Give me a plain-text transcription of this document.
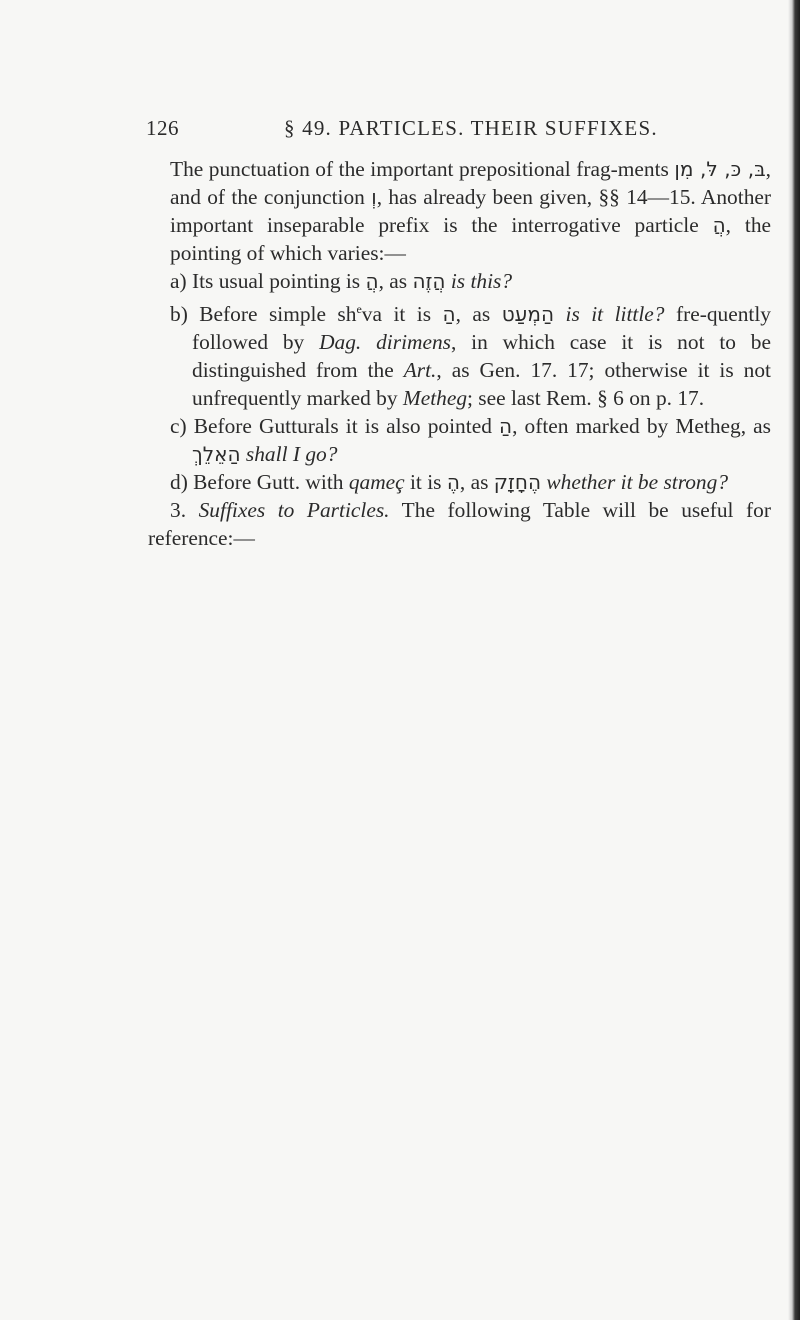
126	§ 49. PARTICLES. THEIR SUFFIXES.

The punctuation of the important prepositional frag-ments בּ, כּ, לּ, מִן, and of the conjunction וְ, has already been given, §§ 14—15. Another important inseparable prefix is the interrogative particle הֲ, the pointing of which varies:—

a) Its usual pointing is הֲ, as הֲזֶה is this?

b) Before simple $sh^eva$ it is הַ, as הַמְעַט is it little? fre-quently followed by Dag. dirimens, in which case it is not to be distinguished from the Art., as Gen. 17. 17; otherwise it is not unfrequently marked by Metheg; see last Rem. § 6 on p. 17.

c) Before Gutturals it is also pointed הַ, often marked by Metheg, as הַאֵלֵךְ shall I go?

d) Before Gutt. with qameç it is הֶ, as הֶחָזָק whether it be strong?

3. Suffixes to Particles. The following Table will be useful for reference:—
